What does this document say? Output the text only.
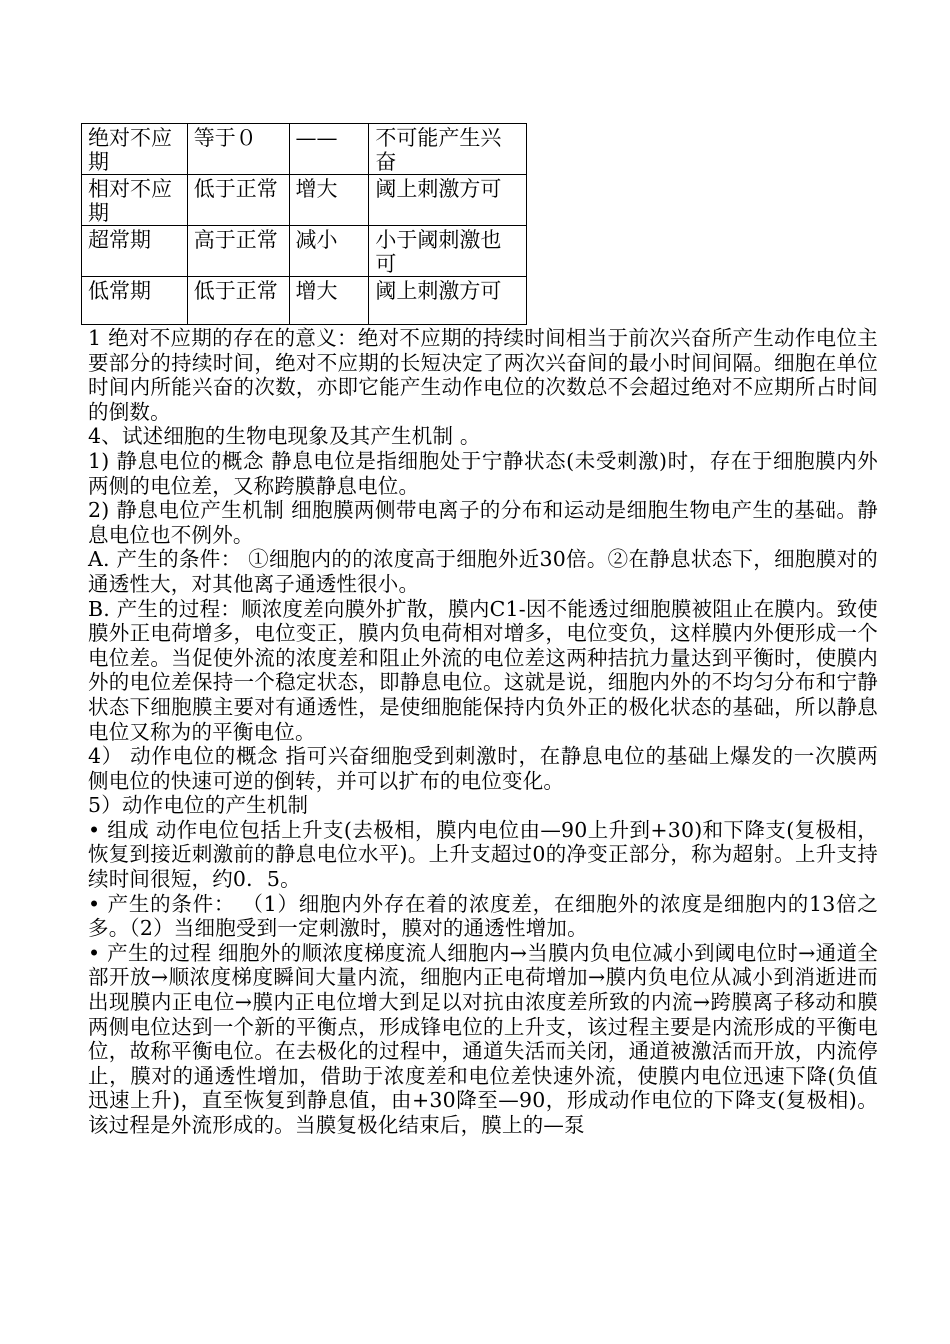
绝对不应期	等于０	——	不可能产生兴奋
相对不应期	低于正常	增大	阈上刺激方可
超常期	高于正常	减小	小于阈刺激也可
低常期	低于正常	增大	阈上刺激方可

1 绝对不应期的存在的意义：绝对不应期的持续时间相当于前次兴奋所产生动作电位主要部分的持续时间，绝对不应期的长短决定了两次兴奋间的最小时间间隔。细胞在单位时间内所能兴奋的次数，亦即它能产生动作电位的次数总不会超过绝对不应期所占时间的倒数。

4、试述细胞的生物电现象及其产生机制 。

1) 静息电位的概念 静息电位是指细胞处于宁静状态(未受刺激)时，存在于细胞膜内外两侧的电位差，又称跨膜静息电位。

2) 静息电位产生机制 细胞膜两侧带电离子的分布和运动是细胞生物电产生的基础。静息电位也不例外。

A. 产生的条件： ①细胞内的的浓度高于细胞外近30倍。②在静息状态下，细胞膜对的通透性大，对其他离子通透性很小。

B. 产生的过程：顺浓度差向膜外扩散，膜内C1-因不能透过细胞膜被阻止在膜内。致使膜外正电荷增多，电位变正，膜内负电荷相对增多，电位变负，这样膜内外便形成一个电位差。当促使外流的浓度差和阻止外流的电位差这两种拮抗力量达到平衡时，使膜内外的电位差保持一个稳定状态，即静息电位。这就是说，细胞内外的不均匀分布和宁静状态下细胞膜主要对有通透性，是使细胞能保持内负外正的极化状态的基础，所以静息电位又称为的平衡电位。

4） 动作电位的概念 指可兴奋细胞受到刺激时，在静息电位的基础上爆发的一次膜两侧电位的快速可逆的倒转，并可以扩布的电位变化。

5）动作电位的产生机制

• 组成 动作电位包括上升支(去极相，膜内电位由—90上升到+30)和下降支(复极相，恢复到接近刺激前的静息电位水平)。上升支超过0的净变正部分，称为超射。上升支持续时间很短，约0．5。

• 产生的条件： （1）细胞内外存在着的浓度差，在细胞外的浓度是细胞内的13倍之多。（2）当细胞受到一定刺激时，膜对的通透性增加。

• 产生的过程 细胞外的顺浓度梯度流人细胞内→当膜内负电位减小到阈电位时→通道全部开放→顺浓度梯度瞬间大量内流，细胞内正电荷增加→膜内负电位从减小到消逝进而出现膜内正电位→膜内正电位增大到足以对抗由浓度差所致的内流→跨膜离子移动和膜两侧电位达到一个新的平衡点，形成锋电位的上升支，该过程主要是内流形成的平衡电位，故称平衡电位。在去极化的过程中，通道失活而关闭，通道被激活而开放，内流停止，膜对的通透性增加，借助于浓度差和电位差快速外流，使膜内电位迅速下降(负值迅速上升)，直至恢复到静息值，由+30降至—90，形成动作电位的下降支(复极相)。该过程是外流形成的。当膜复极化结束后，膜上的—泵
